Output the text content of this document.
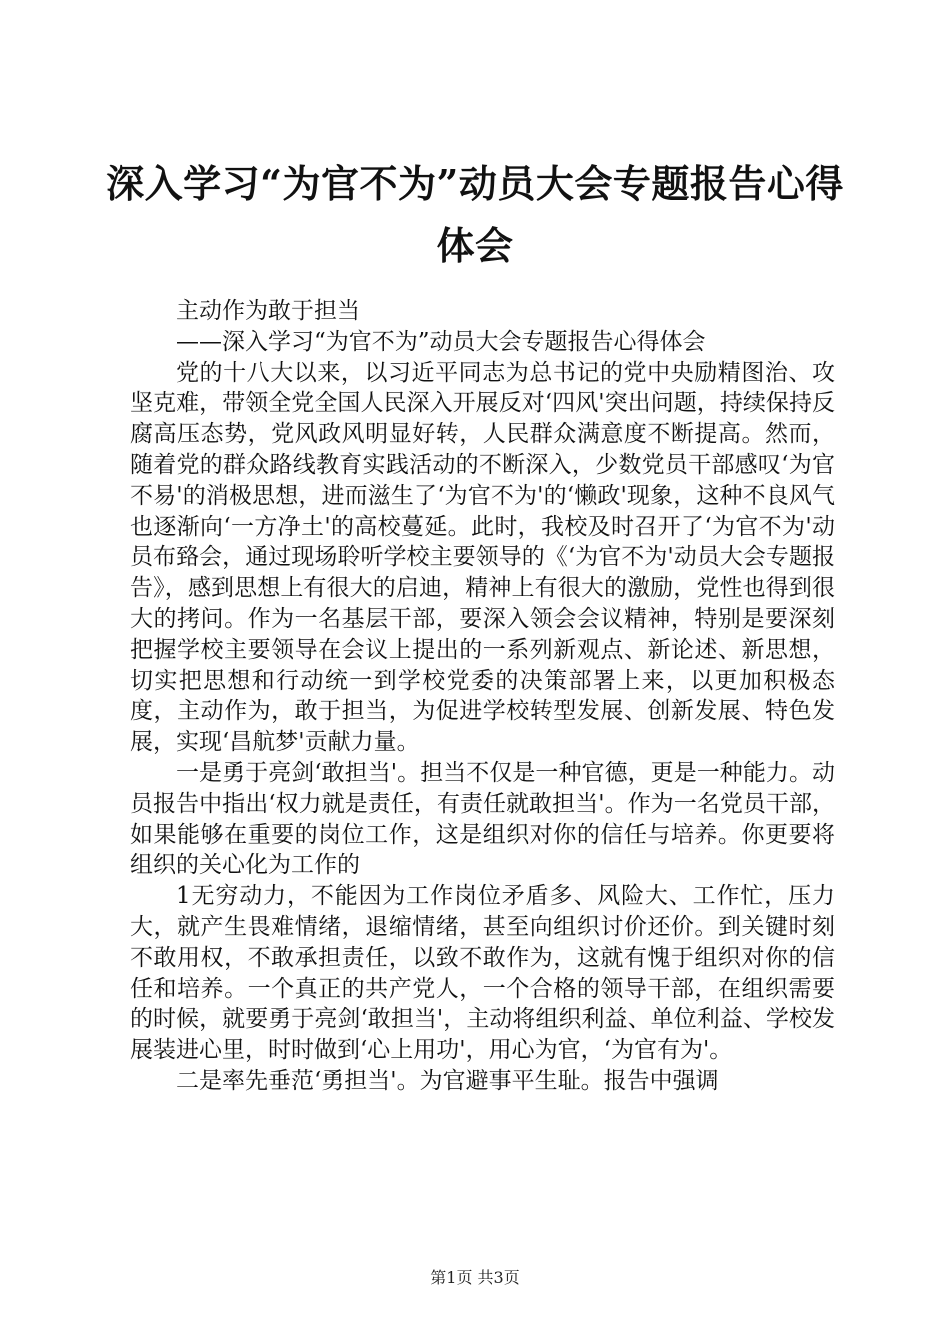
深入学习“为官不为”动员大会专题报告心得体会

主动作为敢于担当

——深入学习“为官不为”动员大会专题报告心得体会

党的十八大以来，以习近平同志为总书记的党中央励精图治、攻坚克难，带领全党全国人民深入开展反对‘四风'突出问题，持续保持反腐高压态势，党风政风明显好转，人民群众满意度不断提高。然而，随着党的群众路线教育实践活动的不断深入，少数党员干部感叹‘为官不易'的消极思想，进而滋生了‘为官不为'的‘懒政'现象，这种不良风气也逐渐向‘一方净土'的高校蔓延。此时，我校及时召开了‘为官不为'动员布臵会，通过现场聆听学校主要领导的《‘为官不为'动员大会专题报告》，感到思想上有很大的启迪，精神上有很大的激励，党性也得到很大的拷问。作为一名基层干部，要深入领会会议精神，特别是要深刻把握学校主要领导在会议上提出的一系列新观点、新论述、新思想，切实把思想和行动统一到学校党委的决策部署上来，以更加积极态度，主动作为，敢于担当，为促进学校转型发展、创新发展、特色发展，实现‘昌航梦'贡献力量。

一是勇于亮剑‘敢担当'。担当不仅是一种官德，更是一种能力。动员报告中指出‘权力就是责任，有责任就敢担当'。作为一名党员干部，如果能够在重要的岗位工作，这是组织对你的信任与培养。你更要将组织的关心化为工作的

1无穷动力，不能因为工作岗位矛盾多、风险大、工作忙，压力大，就产生畏难情绪，退缩情绪，甚至向组织讨价还价。到关键时刻不敢用权，不敢承担责任，以致不敢作为，这就有愧于组织对你的信任和培养。一个真正的共产党人，一个合格的领导干部，在组织需要的时候，就要勇于亮剑‘敢担当'，主动将组织利益、单位利益、学校发展装进心里，时时做到‘心上用功'，用心为官，‘为官有为'。

二是率先垂范‘勇担当'。为官避事平生耻。报告中强调

第1页 共3页
